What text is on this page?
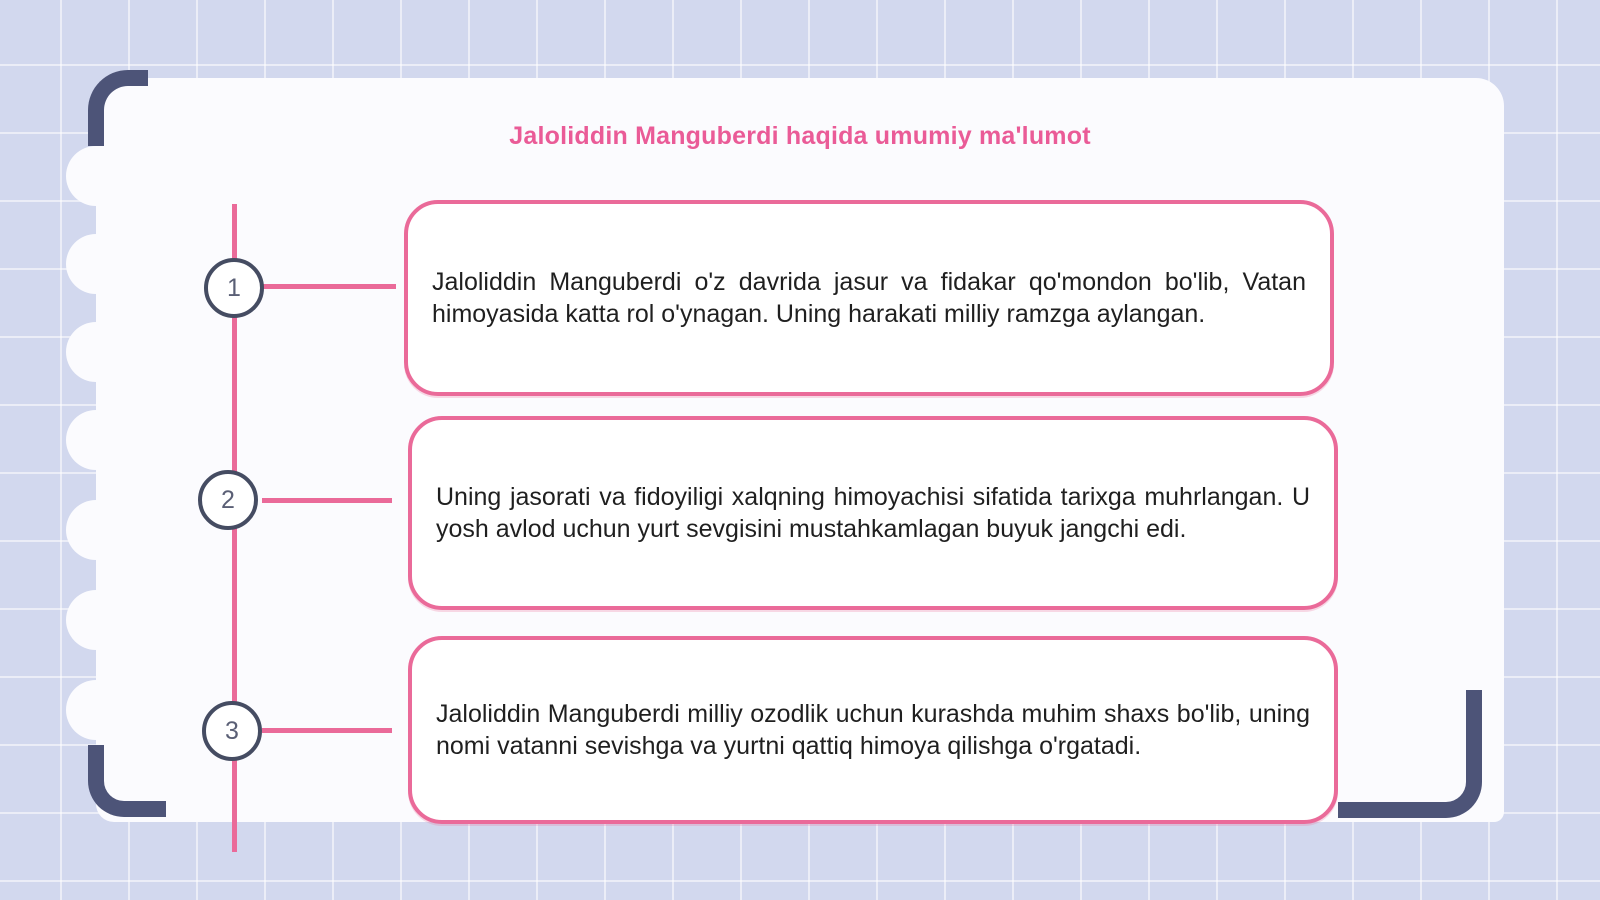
Jaloliddin Manguberdi haqida umumiy ma'lumot
1	Jaloliddin Manguberdi o'z davrida jasur va fidakar qo'mondon bo'lib, Vatan himoyasida katta rol o'ynagan. Uning harakati milliy ramzga aylangan.

2	Uning jasorati va fidoyiligi xalqning himoyachisi sifatida tarixga muhrlangan. U yosh avlod uchun yurt sevgisini mustahkamlagan buyuk jangchi edi.

3

Jaloliddin Manguberdi milliy ozodlik uchun kurashda muhim shaxs bo'lib, uning nomi vatanni sevishga va yurtni qattiq himoya qilishga o'rgatadi.
